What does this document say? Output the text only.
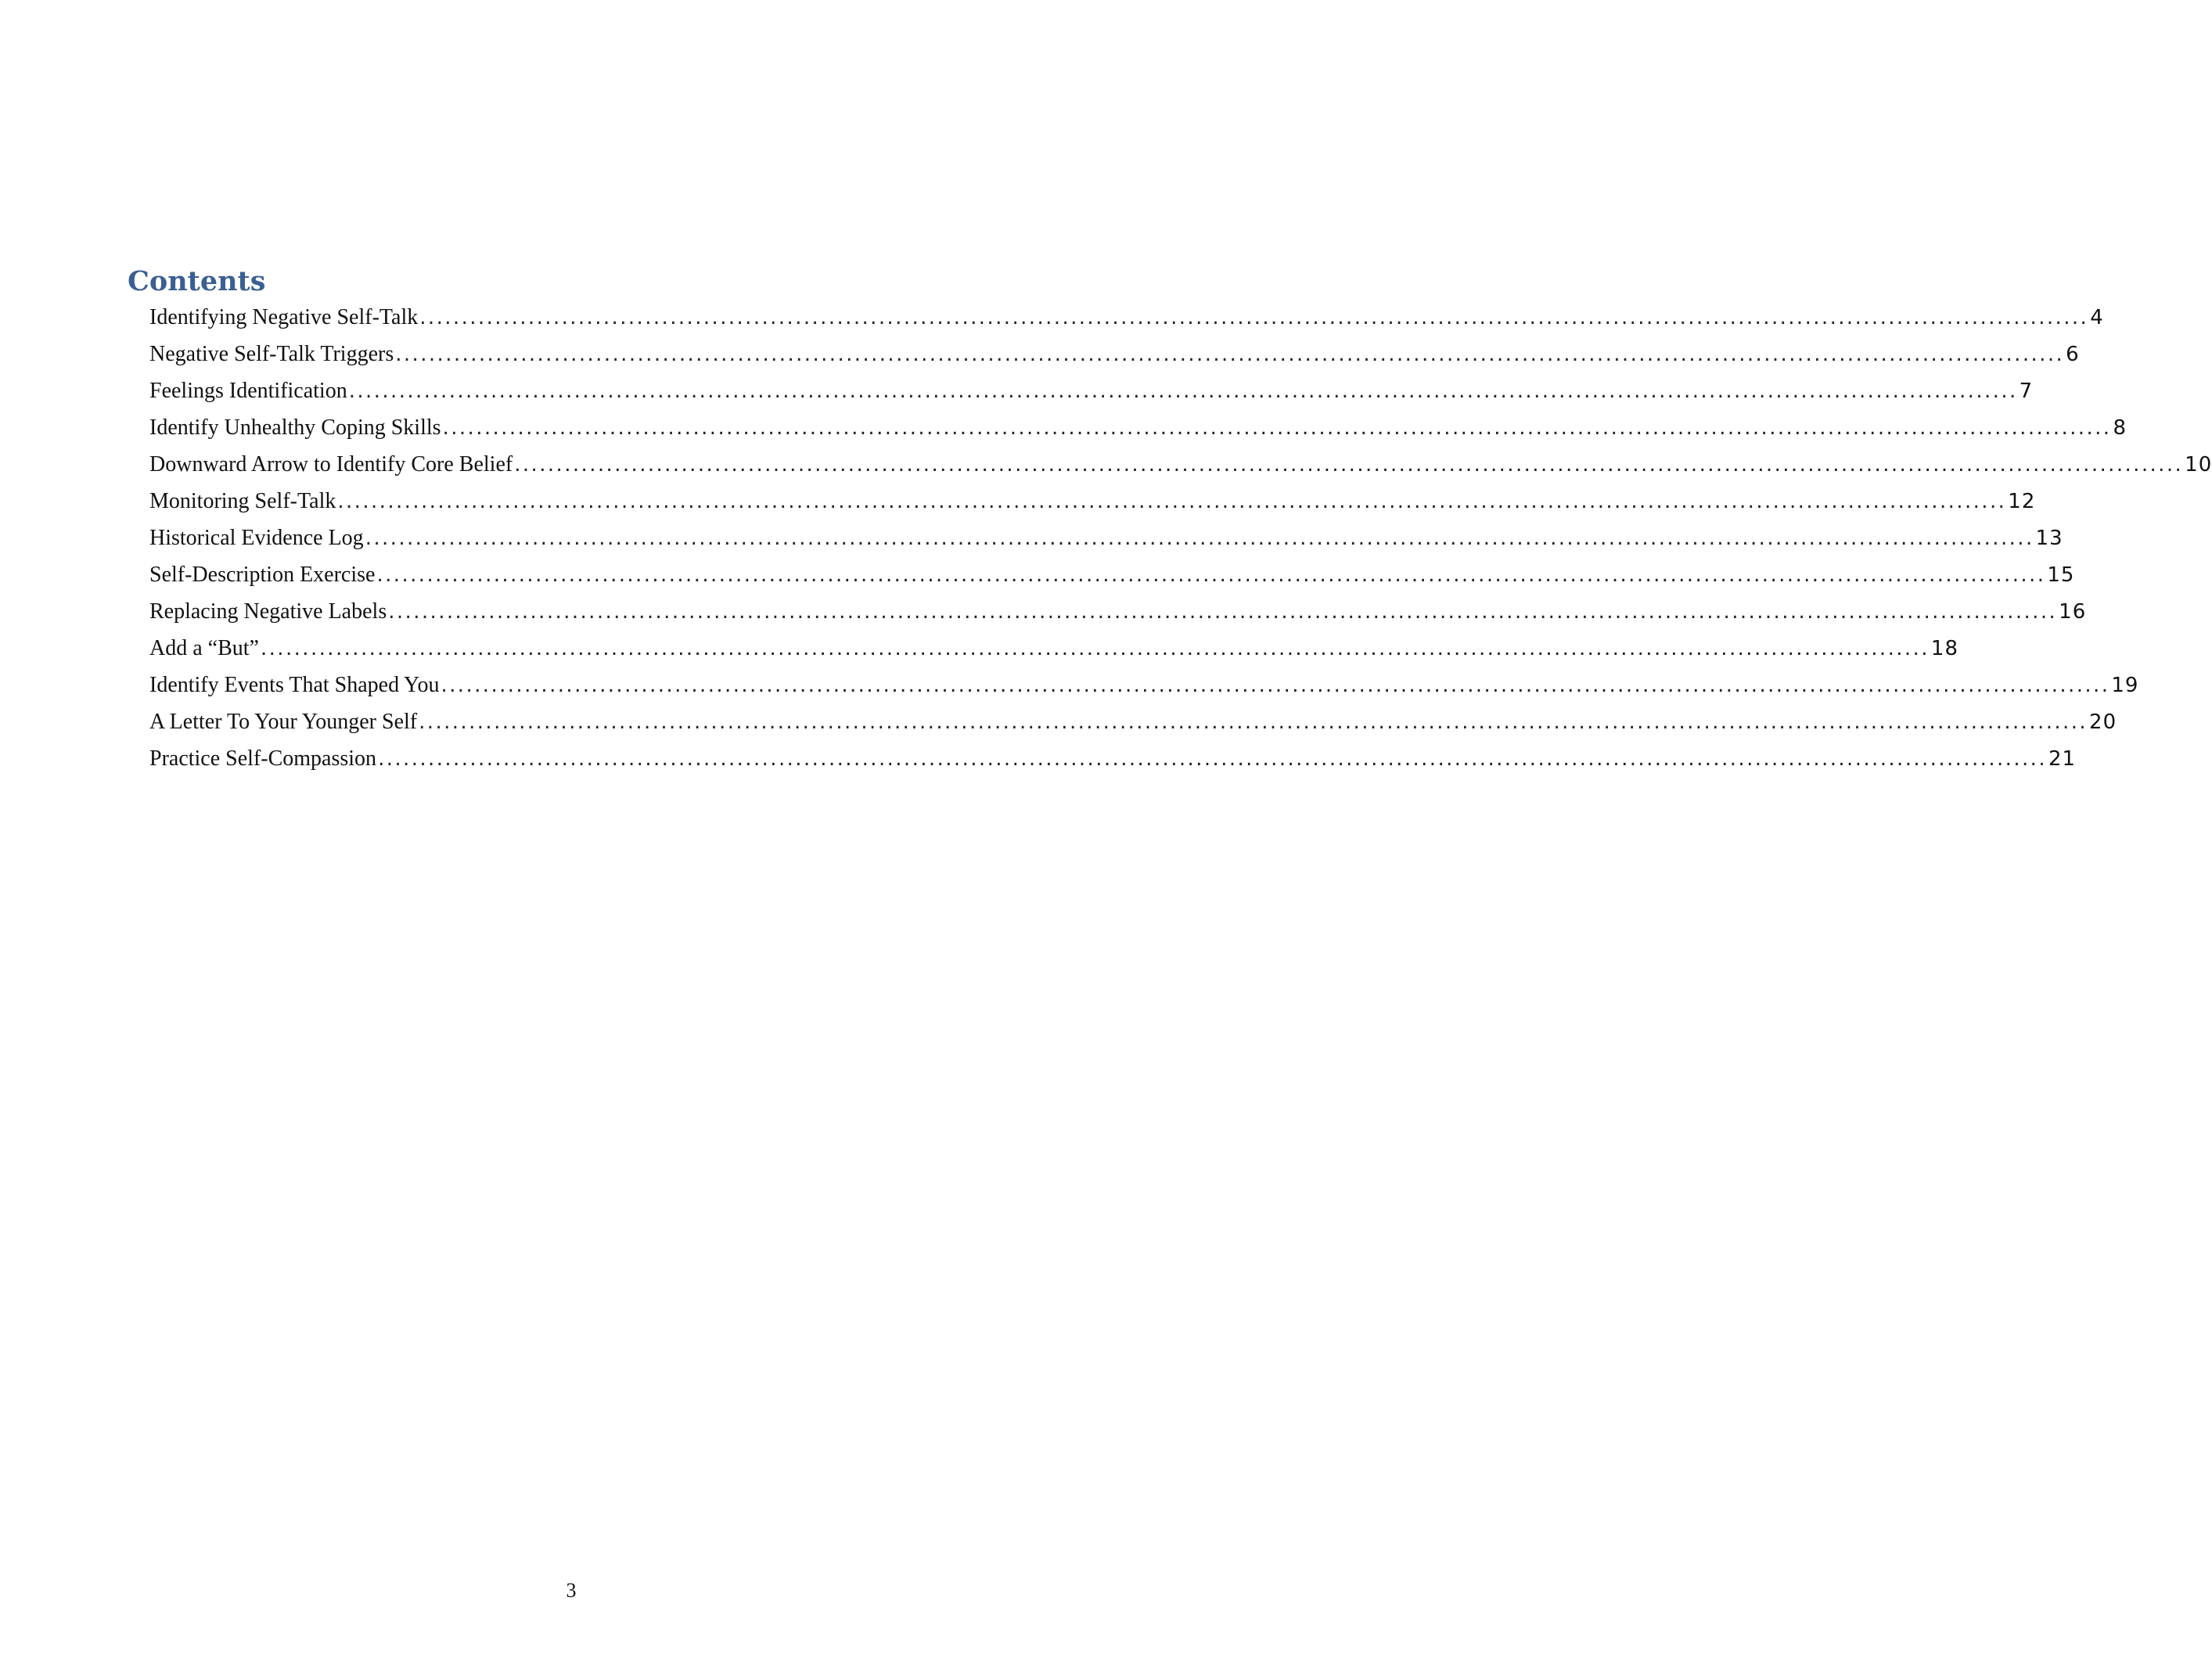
Contents
Identifying Negative Self-Talk ........................................................................................................................................................................................................ 4
Negative Self-Talk Triggers ........................................................................................................................................................................................................ 6
Feelings Identification ........................................................................................................................................................................................................ 7
Identify Unhealthy Coping Skills ........................................................................................................................................................................................................ 8
Downward Arrow to Identify Core Belief ........................................................................................................................................................................................................ 10
Monitoring Self-Talk ........................................................................................................................................................................................................ 12
Historical Evidence Log ........................................................................................................................................................................................................ 13
Self-Description Exercise ........................................................................................................................................................................................................ 15
Replacing Negative Labels ........................................................................................................................................................................................................ 16
Add a “But” ........................................................................................................................................................................................................ 18
Identify Events That Shaped You ........................................................................................................................................................................................................ 19
A Letter To Your Younger Self ........................................................................................................................................................................................................ 20
Practice Self-Compassion ........................................................................................................................................................................................................ 21
3
